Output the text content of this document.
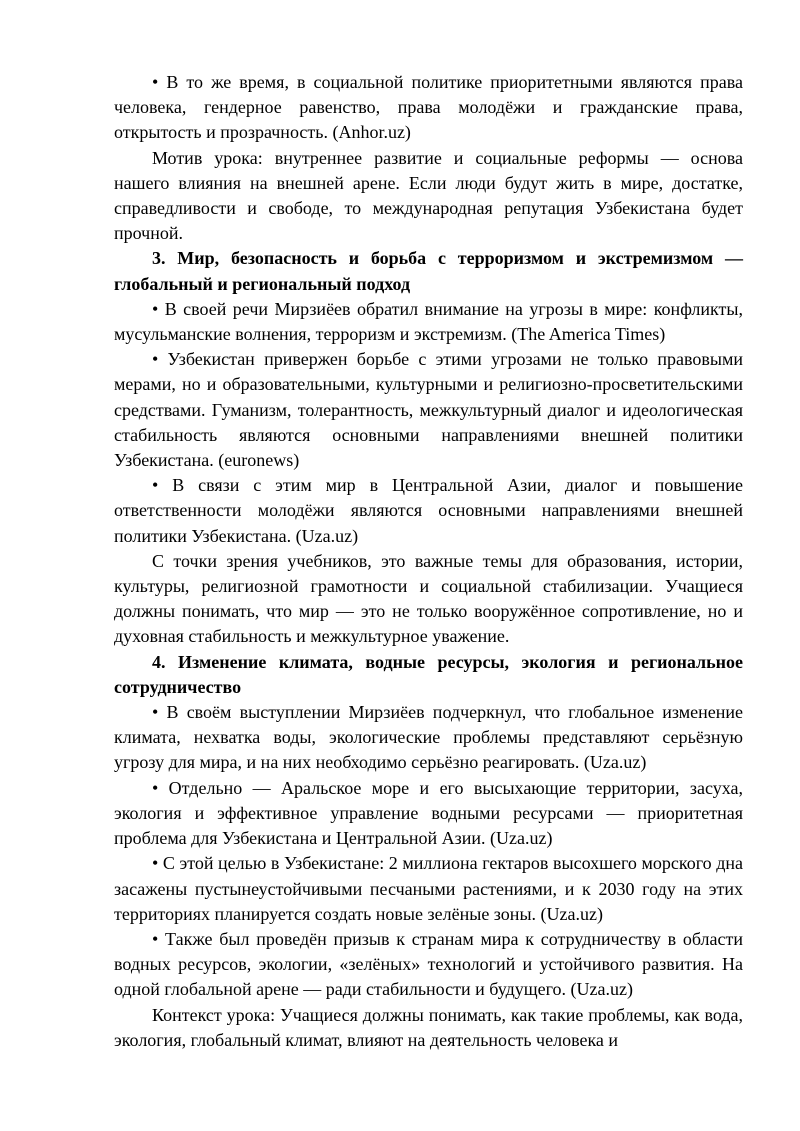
• В то же время, в социальной политике приоритетными являются права человека, гендерное равенство, права молодёжи и гражданские права, открытость и прозрачность. (Anhor.uz)

Мотив урока: внутреннее развитие и социальные реформы — основа нашего влияния на внешней арене. Если люди будут жить в мире, достатке, справедливости и свободе, то международная репутация Узбекистана будет прочной.

3. Мир, безопасность и борьба с терроризмом и экстремизмом — глобальный и региональный подход

• В своей речи Мирзиёев обратил внимание на угрозы в мире: конфликты, мусульманские волнения, терроризм и экстремизм. (The America Times)

• Узбекистан привержен борьбе с этими угрозами не только правовыми мерами, но и образовательными, культурными и религиозно-просветительскими средствами. Гуманизм, толерантность, межкультурный диалог и идеологическая стабильность являются основными направлениями внешней политики Узбекистана. (euronews)

• В связи с этим мир в Центральной Азии, диалог и повышение ответственности молодёжи являются основными направлениями внешней политики Узбекистана. (Uza.uz)

С точки зрения учебников, это важные темы для образования, истории, культуры, религиозной грамотности и социальной стабилизации. Учащиеся должны понимать, что мир — это не только вооружённое сопротивление, но и духовная стабильность и межкультурное уважение.

4. Изменение климата, водные ресурсы, экология и региональное сотрудничество

• В своём выступлении Мирзиёев подчеркнул, что глобальное изменение климата, нехватка воды, экологические проблемы представляют серьёзную угрозу для мира, и на них необходимо серьёзно реагировать. (Uza.uz)

• Отдельно — Аральское море и его высыхающие территории, засуха, экология и эффективное управление водными ресурсами — приоритетная проблема для Узбекистана и Центральной Азии. (Uza.uz)

• С этой целью в Узбекистане: 2 миллиона гектаров высохшего морского дна засажены пустынеустойчивыми песчаными растениями, и к 2030 году на этих территориях планируется создать новые зелёные зоны. (Uza.uz)

• Также был проведён призыв к странам мира к сотрудничеству в области водных ресурсов, экологии, «зелёных» технологий и устойчивого развития. На одной глобальной арене — ради стабильности и будущего. (Uza.uz)

Контекст урока: Учащиеся должны понимать, как такие проблемы, как вода, экология, глобальный климат, влияют на деятельность человека и
